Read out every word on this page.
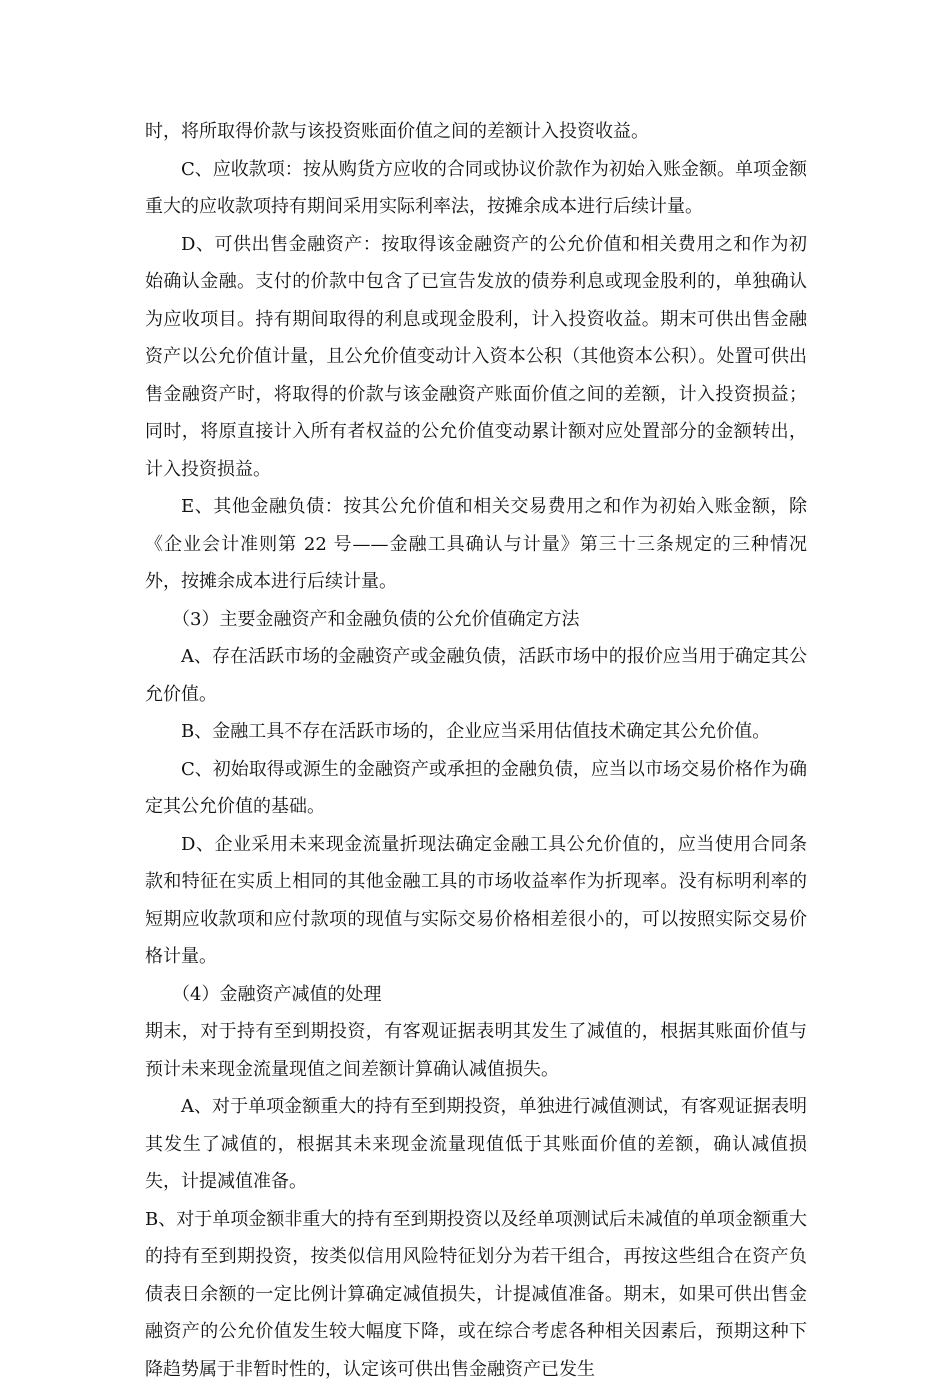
时，将所取得价款与该投资账面价值之间的差额计入投资收益。

C、应收款项：按从购货方应收的合同或协议价款作为初始入账金额。单项金额重大的应收款项持有期间采用实际利率法，按摊余成本进行后续计量。

D、可供出售金融资产：按取得该金融资产的公允价值和相关费用之和作为初始确认金融。支付的价款中包含了已宣告发放的债券利息或现金股利的，单独确认为应收项目。持有期间取得的利息或现金股利，计入投资收益。期末可供出售金融资产以公允价值计量，且公允价值变动计入资本公积（其他资本公积）。处置可供出售金融资产时，将取得的价款与该金融资产账面价值之间的差额，计入投资损益；同时，将原直接计入所有者权益的公允价值变动累计额对应处置部分的金额转出，计入投资损益。

E、其他金融负债：按其公允价值和相关交易费用之和作为初始入账金额，除《企业会计准则第 22 号——金融工具确认与计量》第三十三条规定的三种情况外，按摊余成本进行后续计量。

（3）主要金融资产和金融负债的公允价值确定方法

A、存在活跃市场的金融资产或金融负债，活跃市场中的报价应当用于确定其公允价值。

B、金融工具不存在活跃市场的，企业应当采用估值技术确定其公允价值。

C、初始取得或源生的金融资产或承担的金融负债，应当以市场交易价格作为确定其公允价值的基础。

D、企业采用未来现金流量折现法确定金融工具公允价值的，应当使用合同条款和特征在实质上相同的其他金融工具的市场收益率作为折现率。没有标明利率的短期应收款项和应付款项的现值与实际交易价格相差很小的，可以按照实际交易价格计量。

（4）金融资产减值的处理

期末，对于持有至到期投资，有客观证据表明其发生了减值的，根据其账面价值与预计未来现金流量现值之间差额计算确认减值损失。

A、对于单项金额重大的持有至到期投资，单独进行减值测试，有客观证据表明其发生了减值的，根据其未来现金流量现值低于其账面价值的差额，确认减值损失，计提减值准备。

B、对于单项金额非重大的持有至到期投资以及经单项测试后未减值的单项金额重大的持有至到期投资，按类似信用风险特征划分为若干组合，再按这些组合在资产负债表日余额的一定比例计算确定减值损失，计提减值准备。期末，如果可供出售金融资产的公允价值发生较大幅度下降，或在综合考虑各种相关因素后，预期这种下降趋势属于非暂时性的，认定该可供出售金融资产已发生
